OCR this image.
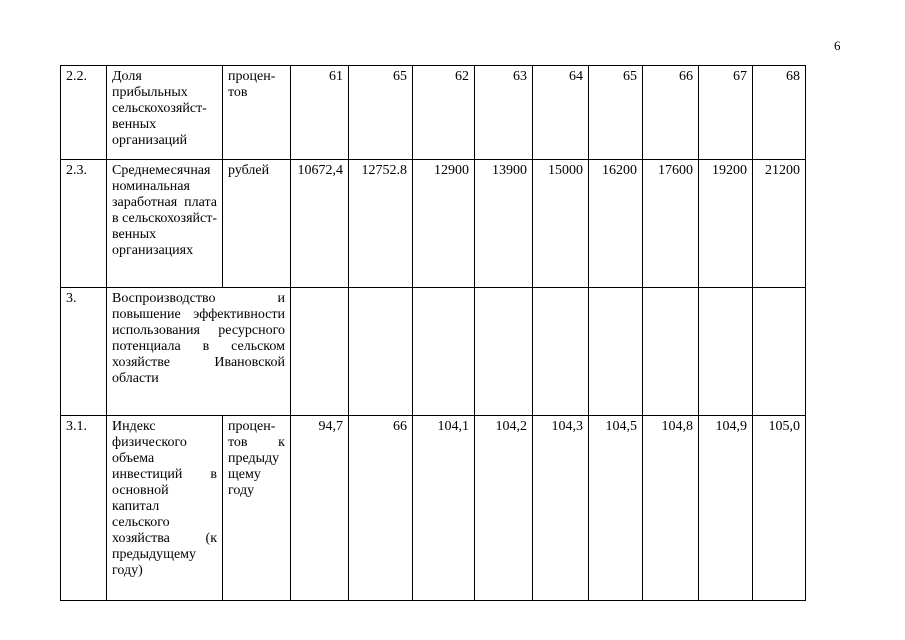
6
2.2.	Доля прибыльных сельскохозяйст-венных организаций	процен-тов	61	65	62	63	64	65	66	67	68
2.3.	Среднемесячная номинальная заработная плата в сельскохозяйст-венных организациях	рублей	10672,4	12752.8	12900	13900	15000	16200	17600	19200	21200
3.	Воспроизводство и повышение эффективности использования ресурсного потенциала в сельском хозяйстве Ивановской области										

3.1.	Индекс физического объема инвестиций в основной капитал сельского хозяйства (к предыдущему году)	процен-тов к предыду щему году	94,7	66	104,1	104,2	104,3	104,5	104,8	104,9	105,0
